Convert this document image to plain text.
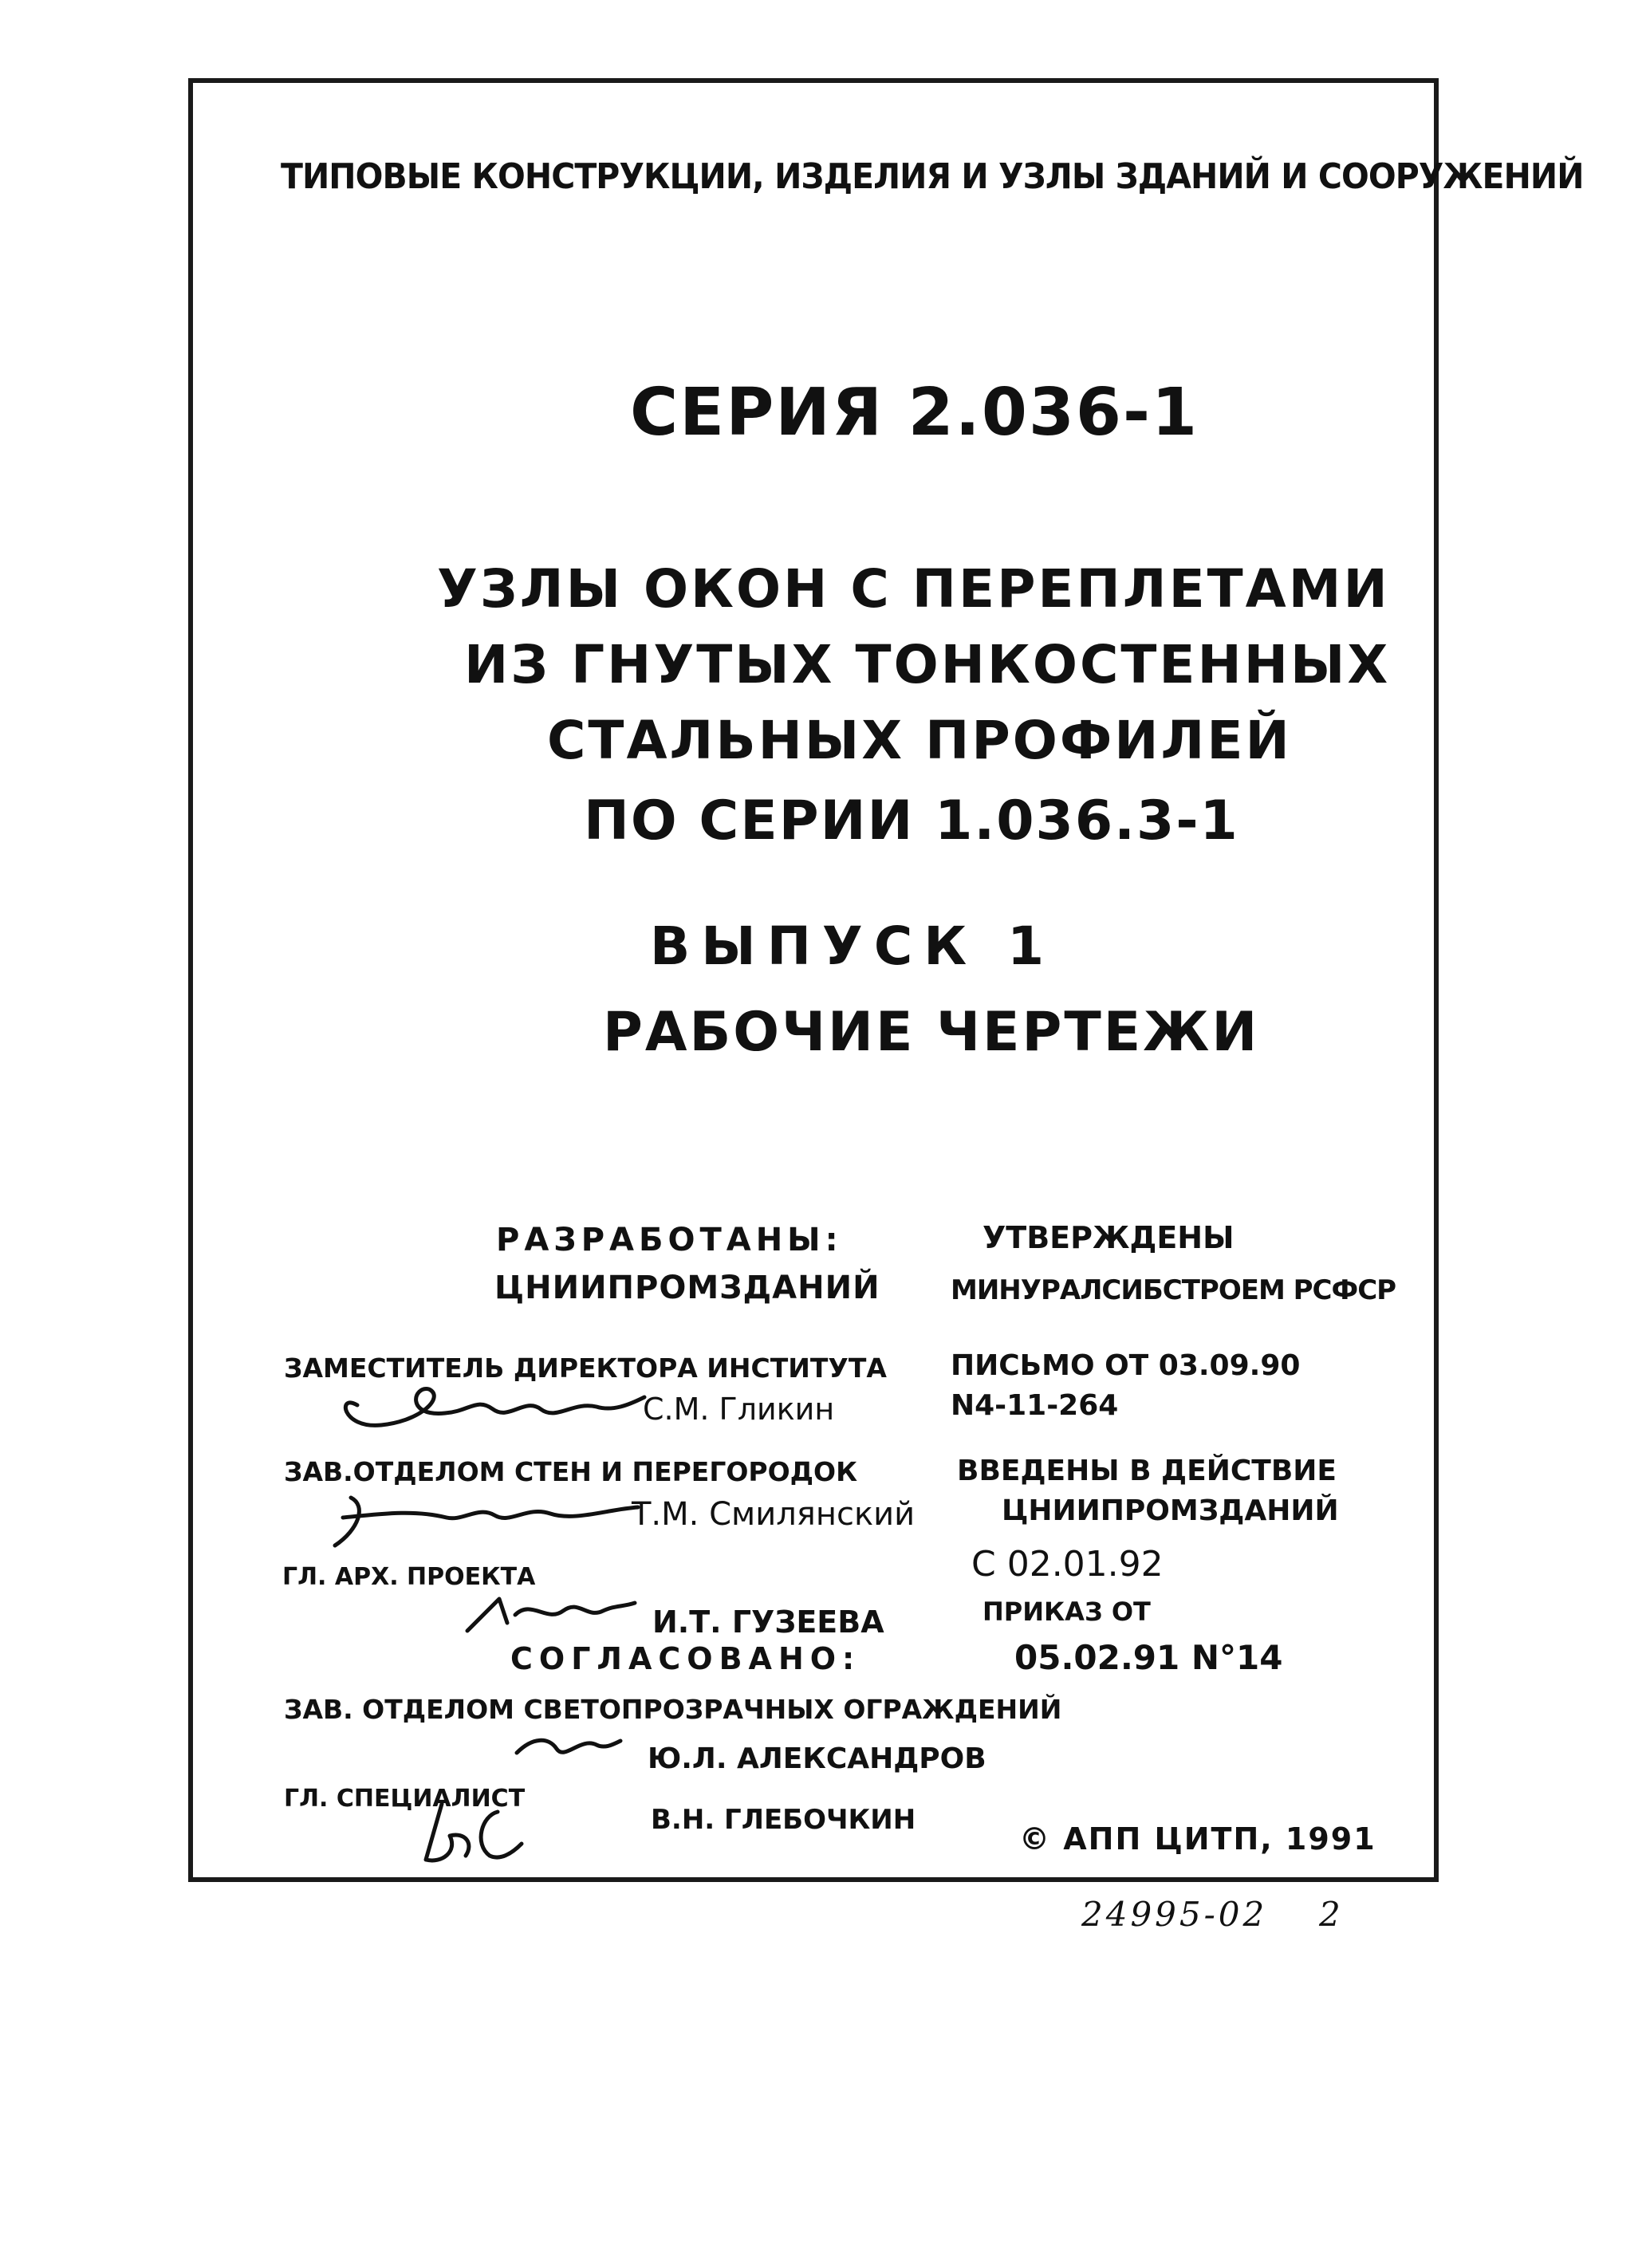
ТИПОВЫЕ КОНСТРУКЦИИ, ИЗДЕЛИЯ И УЗЛЫ ЗДАНИЙ И СООРУЖЕНИЙ
СЕРИЯ 2.036-1
УЗЛЫ ОКОН С ПЕРЕПЛЕТАМИ
ИЗ ГНУТЫХ ТОНКОСТЕННЫХ
СТАЛЬНЫХ ПРОФИЛЕЙ
ПО СЕРИИ 1.036.3-1
ВЫПУСК 1
РАБОЧИЕ ЧЕРТЕЖИ
РАЗРАБОТАНЫ:
ЦНИИПРОМЗДАНИЙ
ЗАМЕСТИТЕЛЬ ДИРЕКТОРА ИНСТИТУТА
С.М. Гликин
ЗАВ.ОТДЕЛОМ СТЕН И ПЕРЕГОРОДОК
Т.М. Смилянский
ГЛ. АРХ. ПРОЕКТА
И.Т. ГУЗЕЕВА
СОГЛАСОВАНО:
ЗАВ. ОТДЕЛОМ СВЕТОПРОЗРАЧНЫХ ОГРАЖДЕНИЙ
Ю.Л. АЛЕКСАНДРОВ
ГЛ. СПЕЦИАЛИСТ
В.Н. ГЛЕБОЧКИН
УТВЕРЖДЕНЫ
МИНУРАЛСИБСТРОЕМ РСФСР
ПИСЬМО ОТ 03.09.90
N4-11-264
ВВЕДЕНЫ В ДЕЙСТВИЕ
ЦНИИПРОМЗДАНИЙ
С 02.01.92
ПРИКАЗ ОТ
05.02.91 N°14
© АПП ЦИТП, 1991
24995-02 2
